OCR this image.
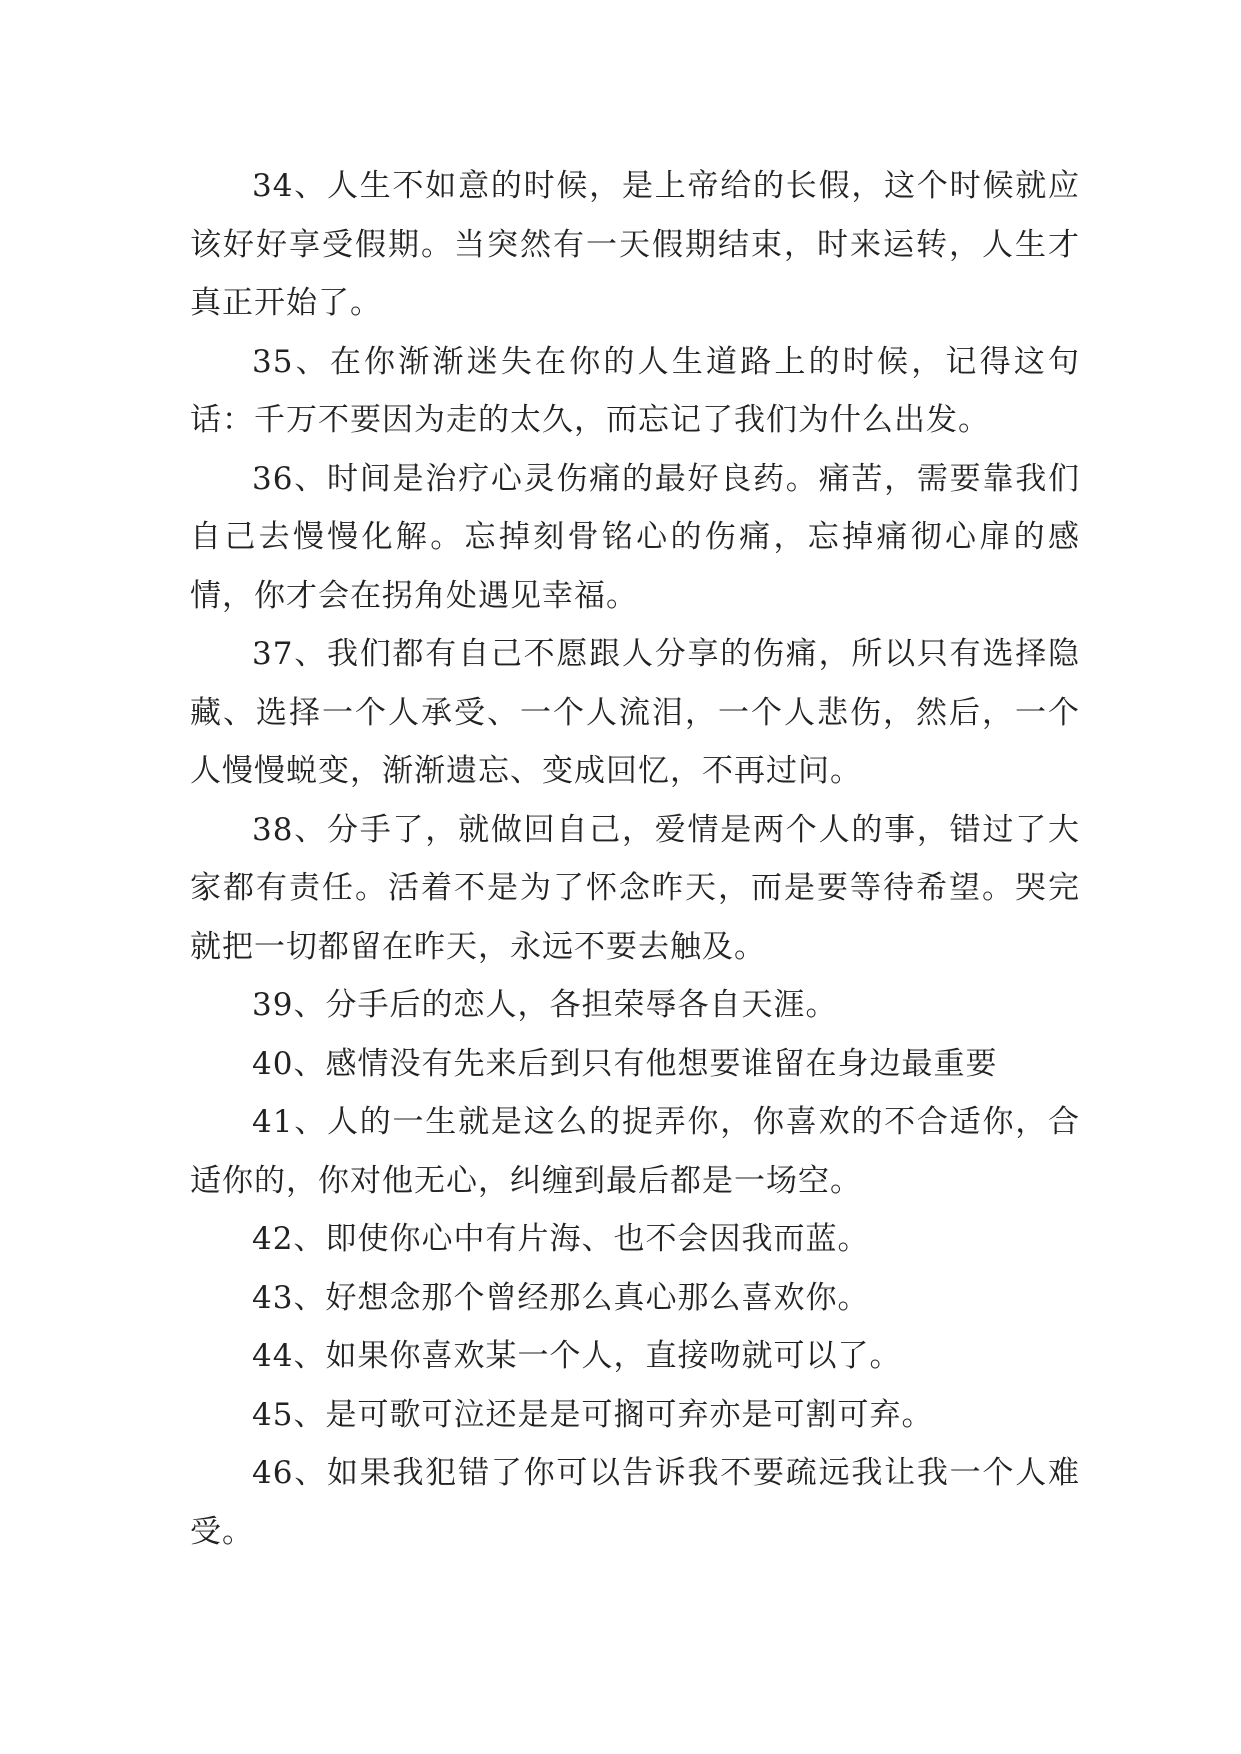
34、人生不如意的时候，是上帝给的长假，这个时候就应该好好享受假期。当突然有一天假期结束，时来运转，人生才真正开始了。

35、在你渐渐迷失在你的人生道路上的时候，记得这句话：千万不要因为走的太久，而忘记了我们为什么出发。

36、时间是治疗心灵伤痛的最好良药。痛苦，需要靠我们自己去慢慢化解。忘掉刻骨铭心的伤痛，忘掉痛彻心扉的感情，你才会在拐角处遇见幸福。

37、我们都有自己不愿跟人分享的伤痛，所以只有选择隐藏、选择一个人承受、一个人流泪，一个人悲伤，然后，一个人慢慢蜕变，渐渐遗忘、变成回忆，不再过问。

38、分手了，就做回自己，爱情是两个人的事，错过了大家都有责任。活着不是为了怀念昨天，而是要等待希望。哭完就把一切都留在昨天，永远不要去触及。

39、分手后的恋人，各担荣辱各自天涯。

40、感情没有先来后到只有他想要谁留在身边最重要

41、人的一生就是这么的捉弄你，你喜欢的不合适你，合适你的，你对他无心，纠缠到最后都是一场空。

42、即使你心中有片海、也不会因我而蓝。

43、好想念那个曾经那么真心那么喜欢你。

44、如果你喜欢某一个人，直接吻就可以了。

45、是可歌可泣还是是可搁可弃亦是可割可弃。

46、如果我犯错了你可以告诉我不要疏远我让我一个人难受。
